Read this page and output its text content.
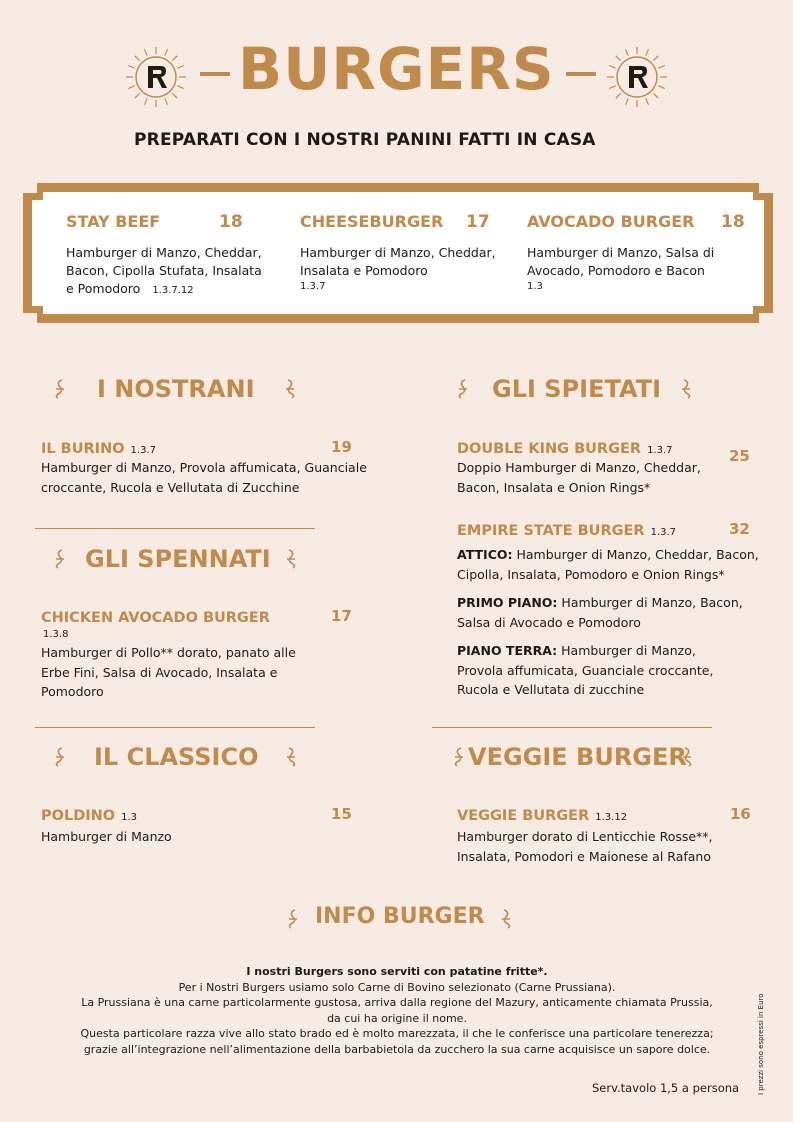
BURGERS
PREPARATI CON I NOSTRI PANINI FATTI IN CASA
STAY BEEF	18
Hamburger di Manzo, Cheddar, Bacon, Cipolla Stufata, Insalata e Pomodoro 1.3.7.12
CHEESEBURGER 17
Hamburger di Manzo, Cheddar, Insalata e Pomodoro
1.3.7
AVOCADO BURGER 18
Hamburger di Manzo, Salsa di Avocado, Pomodoro e Bacon
1.3
I NOSTRANI
IL BURINO 1.3.7	19
Hamburger di Manzo, Provola affumicata, Guanciale croccante, Rucola e Vellutata di Zucchine
GLI SPENNATI
CHICKEN AVOCADO BURGER	17
1.3.8
Hamburger di Pollo** dorato, panato alle Erbe Fini, Salsa di Avocado, Insalata e Pomodoro
IL CLASSICO
POLDINO 1.3	15
Hamburger di Manzo
GLI SPIETATI
DOUBLE KING BURGER 1.3.7	25
Doppio Hamburger di Manzo, Cheddar, Bacon, Insalata e Onion Rings*
EMPIRE STATE BURGER 1.3.7	32
ATTICO: Hamburger di Manzo, Cheddar, Bacon, Cipolla, Insalata, Pomodoro e Onion Rings*
PRIMO PIANO: Hamburger di Manzo, Bacon, Salsa di Avocado e Pomodoro
PIANO TERRA: Hamburger di Manzo, Provola affumicata, Guanciale croccante, Rucola e Vellutata di zucchine
VEGGIE BURGER
VEGGIE BURGER 1.3.12	16
Hamburger dorato di Lenticchie Rosse**, Insalata, Pomodori e Maionese al Rafano
INFO BURGER
I nostri Burgers sono serviti con patatine fritte*.
Per i Nostri Burgers usiamo solo Carne di Bovino selezionato (Carne Prussiana).
La Prussiana è una carne particolarmente gustosa, arriva dalla regione del Mazury, anticamente chiamata Prussia,
da cui ha origine il nome.
Questa particolare razza vive allo stato brado ed è molto marezzata, il che le conferisce una particolare tenerezza;
grazie all’integrazione nell’alimentazione della barbabietola da zucchero la sua carne acquisisce un sapore dolce.
Serv.tavolo 1,5 a persona	I prezzi sono espressi in Euro
